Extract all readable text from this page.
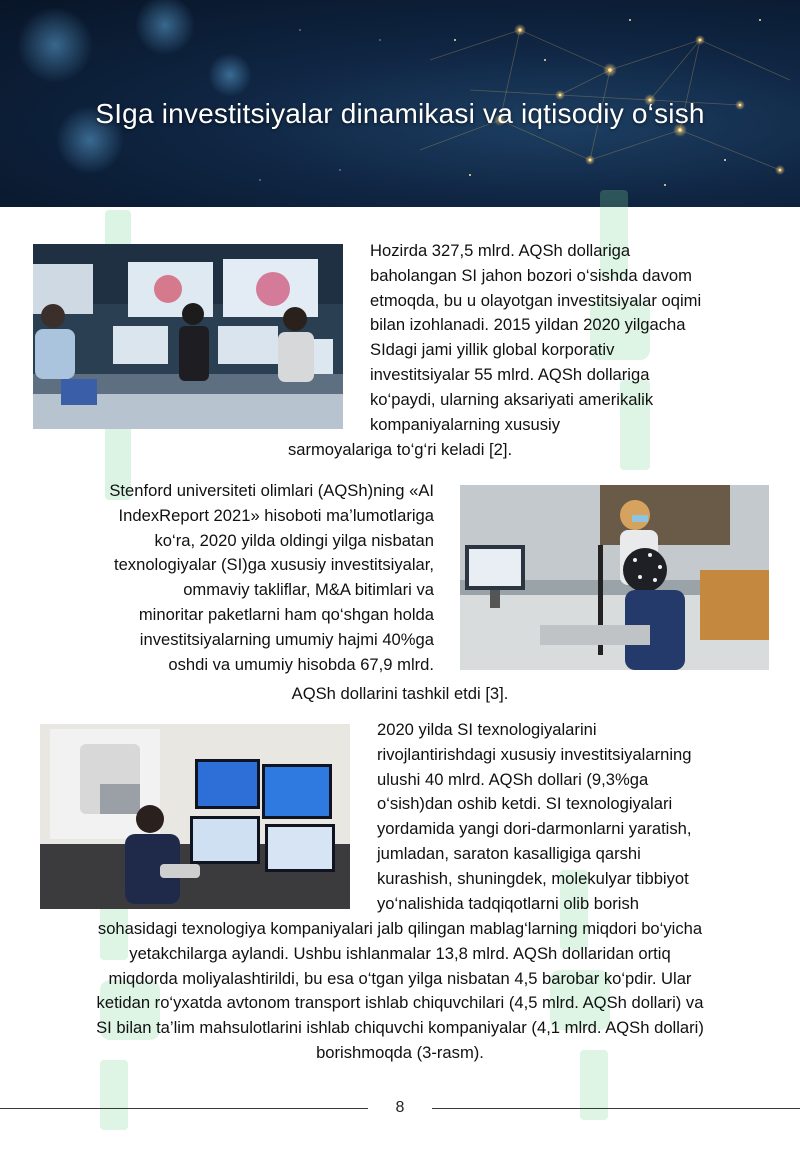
SIga investitsiyalar dinamikasi va iqtisodiy o‘sish
Hozirda 327,5 mlrd. AQSh dollariga
baholangan SI jahon bozori o‘sishda davom
etmoqda, bu u olayotgan investitsiyalar oqimi
bilan izohlanadi. 2015 yildan 2020 yilgacha
SIdagi jami yillik global korporativ
investitsiyalar 55 mlrd. AQSh dollariga
ko‘paydi, ularning aksariyati amerikalik
kompaniyalarning xususiy
sarmoyalariga to‘g‘ri keladi [2].
Stenford universiteti olimlari (AQSh)ning «AI
IndexReport 2021» hisoboti ma’lumotlariga
ko‘ra, 2020 yilda oldingi yilga nisbatan
texnologiyalar (SI)ga xususiy investitsiyalar,
ommaviy takliflar, M&A bitimlari va
minoritar paketlarni ham qo‘shgan holda
investitsiyalarning umumiy hajmi 40%ga
oshdi va umumiy hisobda 67,9 mlrd.
AQSh dollarini tashkil etdi [3].
2020 yilda SI texnologiyalarini
rivojlantirishdagi xususiy investitsiyalarning
ulushi 40 mlrd. AQSh dollari (9,3%ga
o‘sish)dan oshib ketdi. SI texnologiyalari
yordamida yangi dori-darmonlarni yaratish,
jumladan, saraton kasalligiga qarshi
kurashish, shuningdek, molekulyar tibbiyot
yo‘nalishida tadqiqotlarni olib borish
sohasidagi texnologiya kompaniyalari jalb qilingan mablag‘larning miqdori bo‘yicha
yetakchilarga aylandi. Ushbu ishlanmalar 13,8 mlrd. AQSh dollaridan ortiq
miqdorda moliyalashtirildi, bu esa o‘tgan yilga nisbatan 4,5 barobar ko‘pdir. Ular
ketidan ro‘yxatda avtonom transport ishlab chiquvchilari (4,5 mlrd. AQSh dollari) va
SI bilan ta’lim mahsulotlarini ishlab chiquvchi kompaniyalar (4,1 mlrd. AQSh dollari)
borishmoqda (3-rasm).
8
